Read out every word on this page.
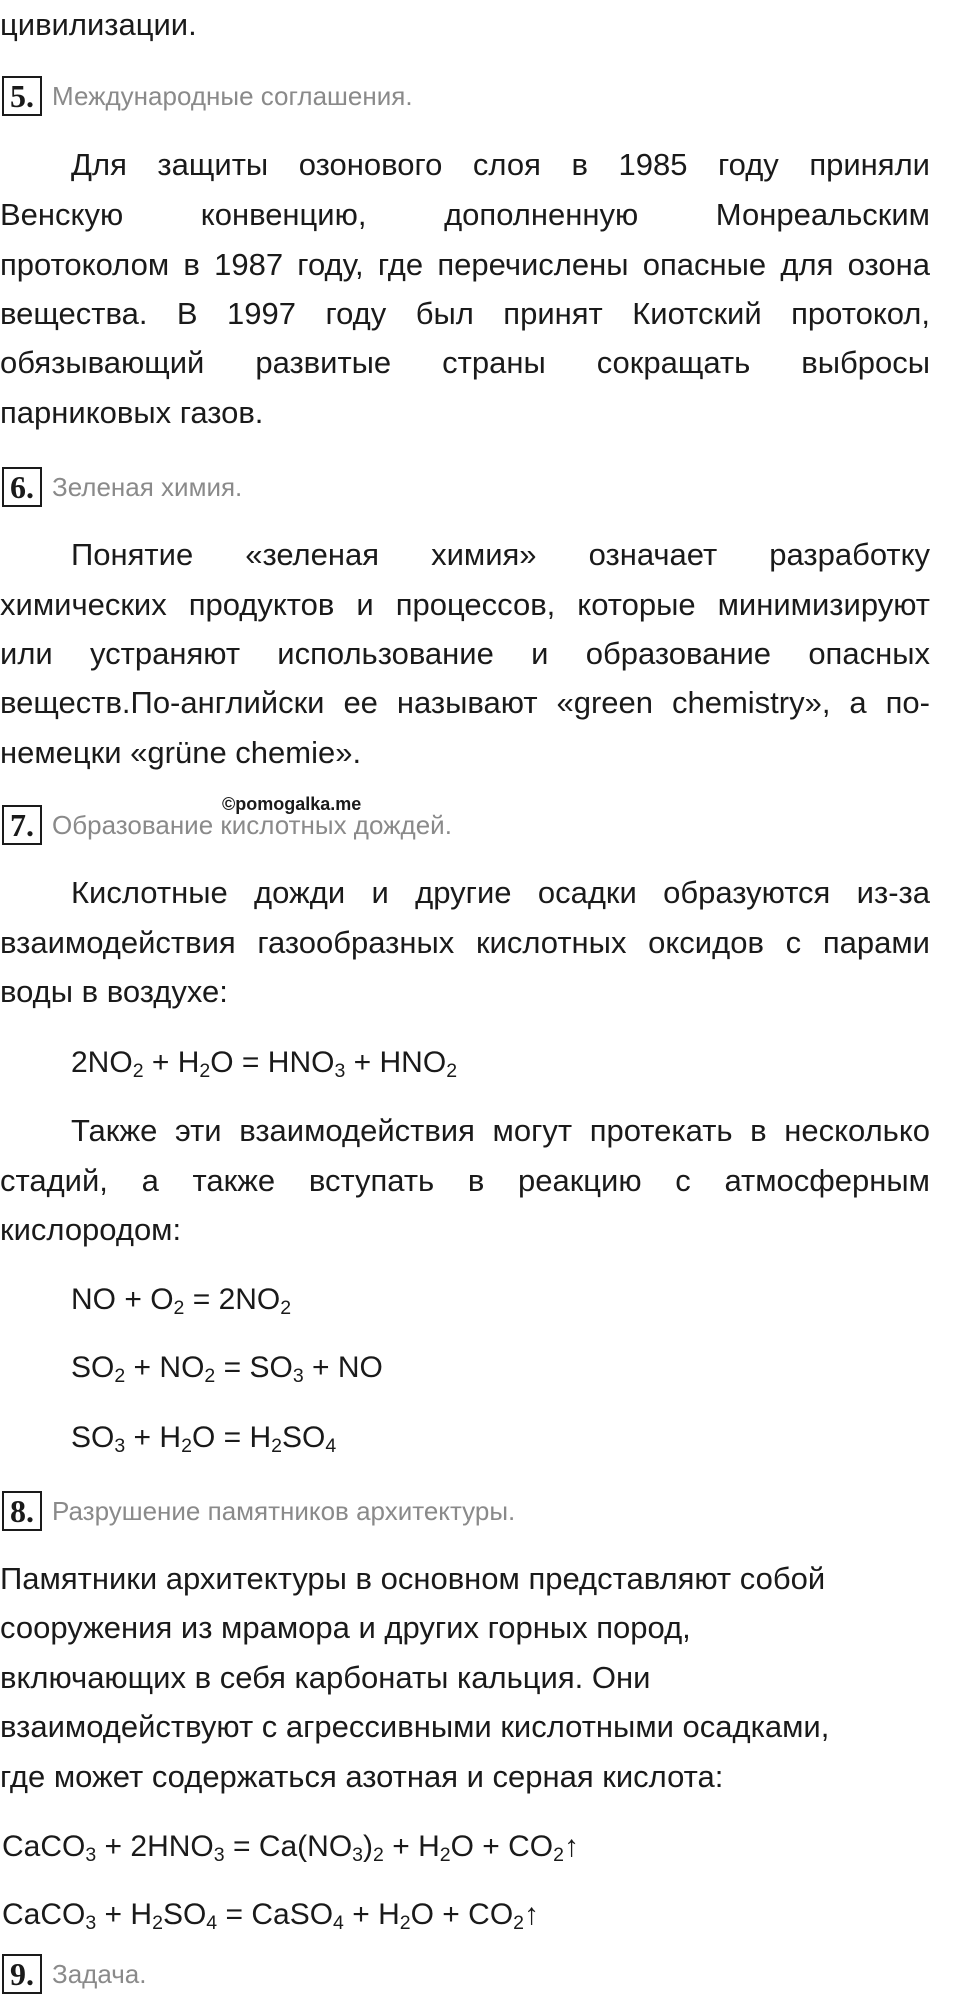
цивилизации.
5. Международные соглашения.
Для защиты озонового слоя в 1985 году приняли
Венскую конвенцию, дополненную Монреальским
протоколом в 1987 году, где перечислены опасные для озона
вещества. В 1997 году был принят Киотский протокол,
обязывающий развитые страны сокращать выбросы
парниковых газов.
6. Зеленая химия.
Понятие «зеленая химия» означает разработку
химических продуктов и процессов, которые минимизируют
или устраняют использование и образование опасных
веществ.По-английски ее называют «green chemistry», а по-
немецки «grüne chemie».
©pomogalka.me
7. Образование кислотных дождей.
Кислотные дожди и другие осадки образуются из-за
взаимодействия газообразных кислотных оксидов с парами
воды в воздухе:
$2NO_2 + H_2O = HNO_3 + HNO_2$
Также эти взаимодействия могут протекать в несколько
стадий, а также вступать в реакцию с атмосферным
кислородом:
NO + $O_2 = 2NO_2$
$SO_2 + NO_2 = SO_3$ + NO
$SO_3 + H_2O = H_2SO_4$
8. Разрушение памятников архитектуры.
Памятники архитектуры в основном представляют собой
сооружения из мрамора и других горных пород,
включающих в себя карбонаты кальция. Они
взаимодействуют с агрессивными кислотными осадками,
где может содержаться азотная и серная кислота:
CaCO$_3$ + $2HNO_3 = Ca(NO_3)_2 + H_2O$ + $CO_2↑$
CaCO$_3$ + $H_2SO_4$ = CaSO$_4$ + $H_2O$ + $CO_2↑$
9. Задача.
